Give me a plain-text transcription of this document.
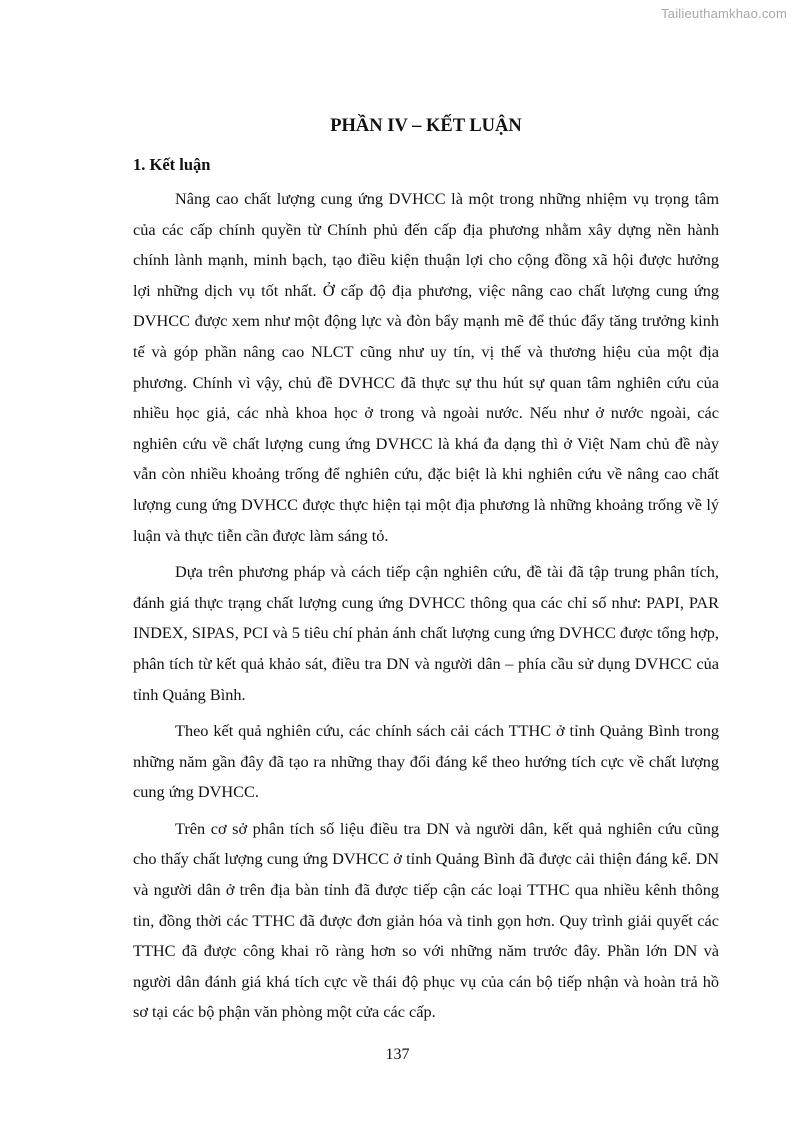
Tailieuthamkhao.com
PHẦN IV – KẾT LUẬN
1. Kết luận

Nâng cao chất lượng cung ứng DVHCC là một trong những nhiệm vụ trọng tâm của các cấp chính quyền từ Chính phủ đến cấp địa phương nhằm xây dựng nền hành chính lành mạnh, minh bạch, tạo điều kiện thuận lợi cho cộng đồng xã hội được hưởng lợi những dịch vụ tốt nhất. Ở cấp độ địa phương, việc nâng cao chất lượng cung ứng DVHCC được xem như một động lực và đòn bẩy mạnh mẽ để thúc đẩy tăng trưởng kinh tế và góp phần nâng cao NLCT cũng như uy tín, vị thế và thương hiệu của một địa phương. Chính vì vậy, chủ đề DVHCC đã thực sự thu hút sự quan tâm nghiên cứu của nhiều học giả, các nhà khoa học ở trong và ngoài nước. Nếu như ở nước ngoài, các nghiên cứu về chất lượng cung ứng DVHCC là khá đa dạng thì ở Việt Nam chủ đề này vẫn còn nhiều khoảng trống để nghiên cứu, đặc biệt là khi nghiên cứu về nâng cao chất lượng cung ứng DVHCC được thực hiện tại một địa phương là những khoảng trống về lý luận và thực tiễn cần được làm sáng tỏ.

Dựa trên phương pháp và cách tiếp cận nghiên cứu, đề tài đã tập trung phân tích, đánh giá thực trạng chất lượng cung ứng DVHCC thông qua các chỉ số như: PAPI, PAR INDEX, SIPAS, PCI và 5 tiêu chí phản ánh chất lượng cung ứng DVHCC được tổng hợp, phân tích từ kết quả khảo sát, điều tra DN và người dân – phía cầu sử dụng DVHCC của tỉnh Quảng Bình.

Theo kết quả nghiên cứu, các chính sách cải cách TTHC ở tỉnh Quảng Bình trong những năm gần đây đã tạo ra những thay đổi đáng kể theo hướng tích cực về chất lượng cung ứng DVHCC.

Trên cơ sở phân tích số liệu điều tra DN và người dân, kết quả nghiên cứu cũng cho thấy chất lượng cung ứng DVHCC ở tỉnh Quảng Bình đã được cải thiện đáng kể. DN và người dân ở trên địa bàn tỉnh đã được tiếp cận các loại TTHC qua nhiều kênh thông tin, đồng thời các TTHC đã được đơn giản hóa và tinh gọn hơn. Quy trình giải quyết các TTHC đã được công khai rõ ràng hơn so với những năm trước đây. Phần lớn DN và người dân đánh giá khá tích cực về thái độ phục vụ của cán bộ tiếp nhận và hoàn trả hồ sơ tại các bộ phận văn phòng một cửa các cấp.

137
